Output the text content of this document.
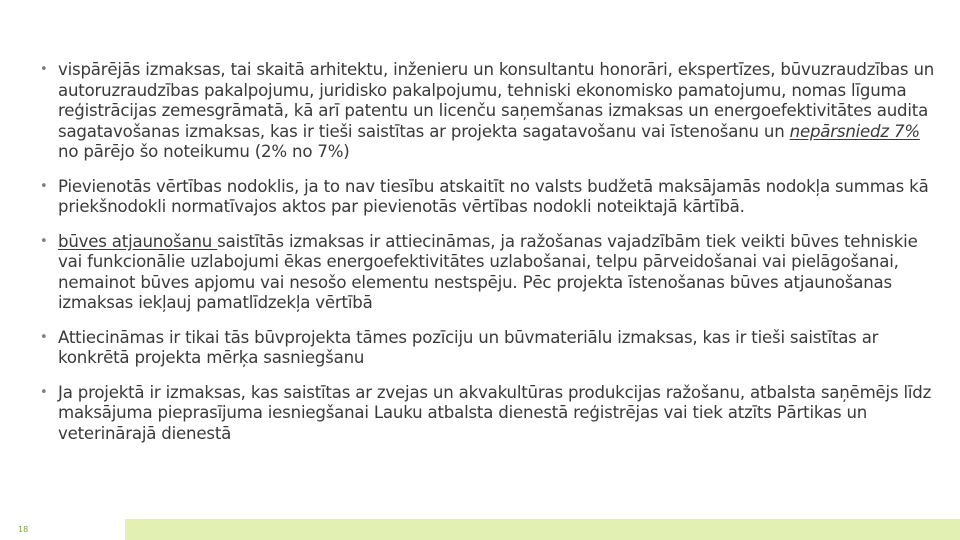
• vispārējās izmaksas, tai skaitā arhitektu, inženieru un konsultantu honorāri, ekspertīzes, būvuzraudzības un autoruzraudzības pakalpojumu, juridisko pakalpojumu, tehniski ekonomisko pamatojumu, nomas līguma reģistrācijas zemesgrāmatā, kā arī patentu un licenču saņemšanas izmaksas un energoefektivitātes audita sagatavošanas izmaksas, kas ir tieši saistītas ar projekta sagatavošanu vai īstenošanu un nepārsniedz 7% no pārējo šo noteikumu (2% no 7%)
• Pievienotās vērtības nodoklis, ja to nav tiesību atskaitīt no valsts budžetā maksājamās nodokļa summas kā priekšnodokli normatīvajos aktos par pievienotās vērtības nodokli noteiktajā kārtībā.
• būves atjaunošanu saistītās izmaksas ir attiecināmas, ja ražošanas vajadzībām tiek veikti būves tehniskie vai funkcionālie uzlabojumi ēkas energoefektivitātes uzlabošanai, telpu pārveidošanai vai pielāgošanai, nemainot būves apjomu vai nesošo elementu nestspēju. Pēc projekta īstenošanas būves atjaunošanas izmaksas iekļauj pamatlīdzekļa vērtībā
• Attiecināmas ir tikai tās būvprojekta tāmes pozīciju un būvmateriālu izmaksas, kas ir tieši saistītas ar konkrētā projekta mērķa sasniegšanu
• Ja projektā ir izmaksas, kas saistītas ar zvejas un akvakultūras produkcijas ražošanu, atbalsta saņēmējs līdz maksājuma pieprasījuma iesniegšanai Lauku atbalsta dienestā reģistrējas vai tiek atzīts Pārtikas un veterinārajā dienestā
18
